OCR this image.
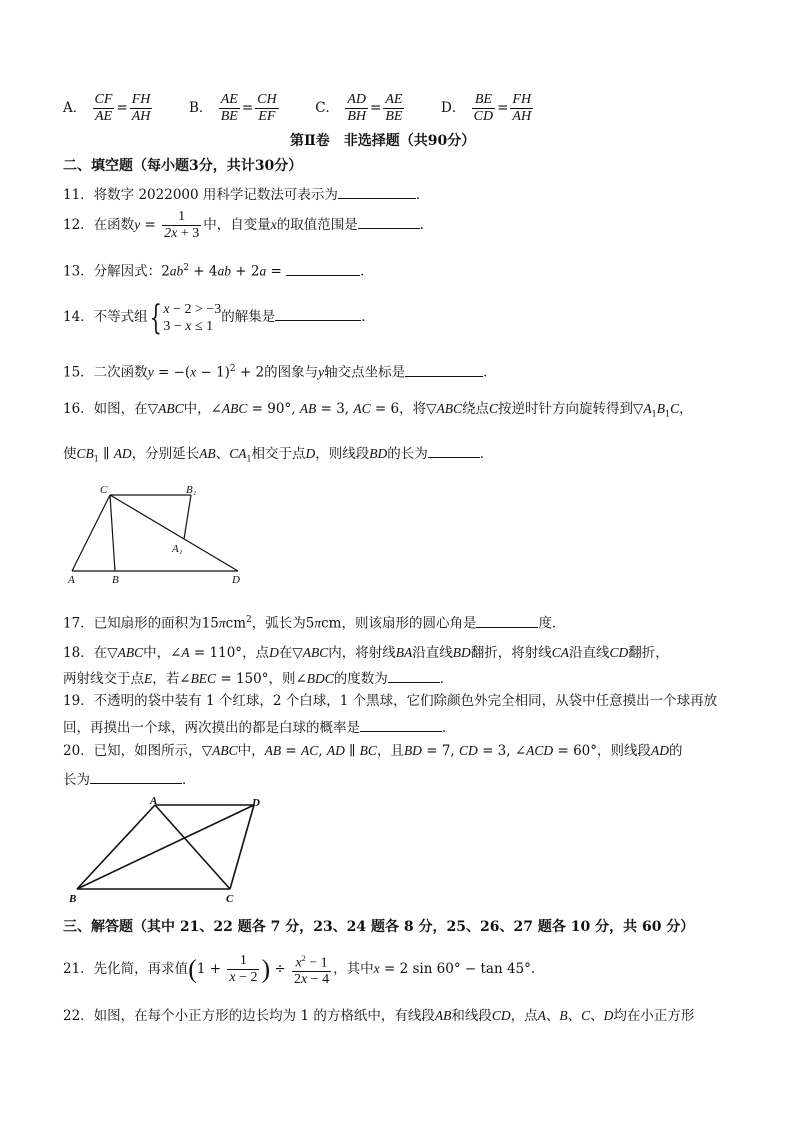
A． $\frac{CF}{AE} = \frac{FH}{AH}$	B． $\frac{AE}{BE} = \frac{CH}{EF}$	C． $\frac{AD}{BH} = \frac{AE}{BE}$	D． $\frac{BE}{CD} = \frac{FH}{AH}$
第Ⅱ卷　非选择题（共90分）
二、填空题（每小题3分，共计30分）
11．将数字 2022000 用科学记数法可表示为	．
12．在函数$y = \frac{1}{2x + 3}$ 中，自变量x的取值范围是	．
13．分解因式：$2ab^2 + 4ab + 2a$ =	．
14．不等式组{ x − 2 > −3
3 − x ≤ 1
的解集是	．
15．二次函数$y = -(x - 1)^2 + 2$的图象与y轴交点坐标是	．
16．如图，在▽ABC中，∠ABC = 90°, AB = 3, AC = 6，将▽ABC绕点C按逆时针方向旋转得到$▽A_1B_1C$，
使$CB_1$ ∥ AD，分别延长AB、$CA_1$相交于点D，则线段BD的长为	．
C	B₁
A₁
A	B	D
17．已知扇形的面积为15πcm$^2$，弧长为5πcm，则该扇形的圆心角是	度．
18．在▽ABC中，∠A = 110°，点D在▽ABC内，将射线BA沿直线BD翻折，将射线CA沿直线CD翻折，
两射线交于点E，若∠BEC = 150°，则∠BDC的度数为	．
19．不透明的袋中装有 1 个红球，2 个白球，1 个黑球，它们除颜色外完全相同，从袋中任意摸出一个球再放
回，再摸出一个球，两次摸出的都是白球的概率是	．
20．已知，如图所示，▽ABC中，AB = AC, AD ∥ BC，且BD = 7, CD = 3, ∠ACD = 60°，则线段AD的
长为	．
A	D
B	C
三、解答题（其中 21、22 题各 7 分，23、24 题各 8 分，25、26、27 题各 10 分，共 60 分）
21．先化简，再求值($1 + \frac{1}{x - 2}$ ) ÷ $\frac{x^2 - 1}{2x - 4}$ ，其中x = 2 sin 60° − tan 45°．
22．如图，在每个小正方形的边长均为 1 的方格纸中，有线段AB和线段CD，点A、B、C、D均在小正方形
